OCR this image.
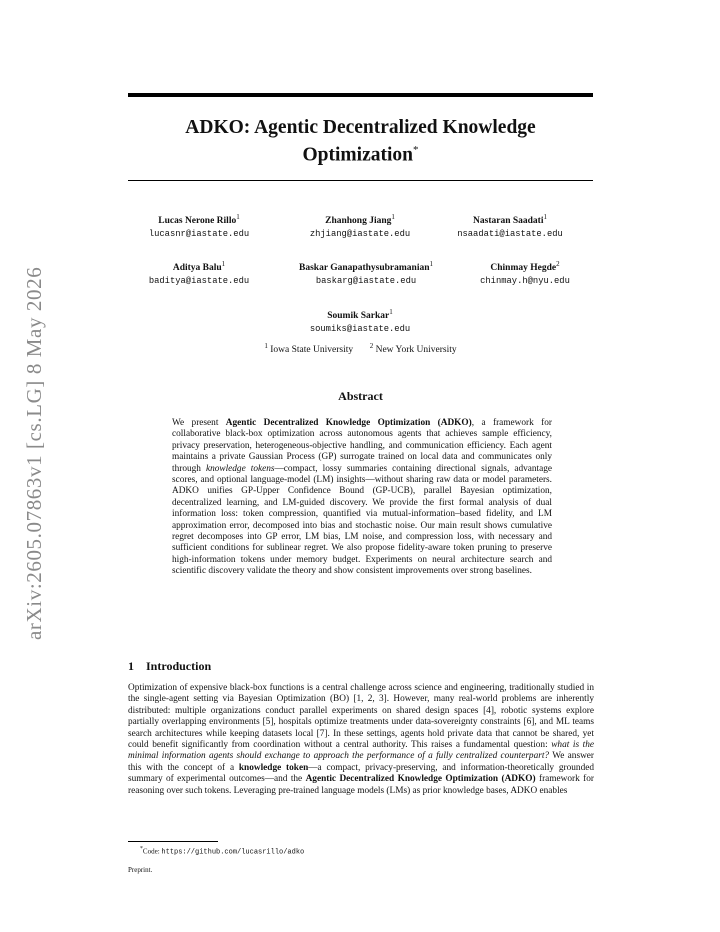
arXiv:2605.07863v1 [cs.LG] 8 May 2026
ADKO: Agentic Decentralized Knowledge
Optimization*
Lucas Nerone Rillo$^1$
lucasnr@iastate.edu
Zhanhong Jiang$^1$
zhjiang@iastate.edu
Nastaran Saadati$^1$
nsaadati@iastate.edu
Aditya Balu$^1$
baditya@iastate.edu
Baskar Ganapathysubramanian$^1$
baskarg@iastate.edu
Chinmay Hegde$^2$
chinmay.h@nyu.edu
Soumik Sarkar$^1$
soumiks@iastate.edu
$^1$ Iowa State University $^2$ New York University
Abstract
We present Agentic Decentralized Knowledge Optimization (ADKO), a framework for collaborative black-box optimization across autonomous agents that achieves sample efficiency, privacy preservation, heterogeneous-objective handling, and communication efficiency. Each agent maintains a private Gaussian Process (GP) surrogate trained on local data and communicates only through knowledge tokens—compact, lossy summaries containing directional signals, advantage scores, and optional language-model (LM) insights—without sharing raw data or model parameters. ADKO unifies GP-Upper Confidence Bound (GP-UCB), parallel Bayesian optimization, decentralized learning, and LM-guided discovery. We provide the first formal analysis of dual information loss: token compression, quantified via mutual-information–based fidelity, and LM approximation error, decomposed into bias and stochastic noise. Our main result shows cumulative regret decomposes into GP error, LM bias, LM noise, and compression loss, with necessary and sufficient conditions for sublinear regret. We also propose fidelity-aware token pruning to preserve high-information tokens under memory budget. Experiments on neural architecture search and scientific discovery validate the theory and show consistent improvements over strong baselines.
1 Introduction
Optimization of expensive black-box functions is a central challenge across science and engineering, traditionally studied in the single-agent setting via Bayesian Optimization (BO) [1, 2, 3]. However, many real-world problems are inherently distributed: multiple organizations conduct parallel experiments on shared design spaces [4], robotic systems explore partially overlapping environments [5], hospitals optimize treatments under data-sovereignty constraints [6], and ML teams search architectures while keeping datasets local [7]. In these settings, agents hold private data that cannot be shared, yet could benefit significantly from coordination without a central authority. This raises a fundamental question: what is the minimal information agents should exchange to approach the performance of a fully centralized counterpart? We answer this with the concept of a knowledge token—a compact, privacy-preserving, and information-theoretically grounded summary of experimental outcomes—and the Agentic Decentralized Knowledge Optimization (ADKO) framework for reasoning over such tokens. Leveraging pre-trained language models (LMs) as prior knowledge bases, ADKO enables
*Code: https://github.com/lucasrillo/adko
Preprint.
